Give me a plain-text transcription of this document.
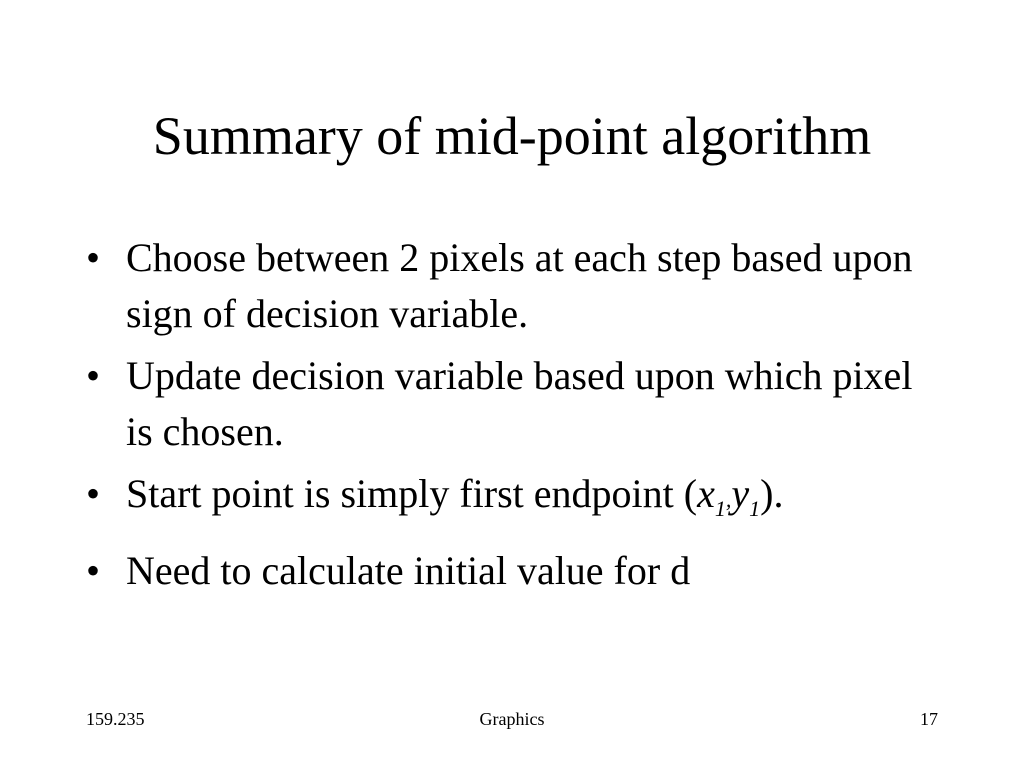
Summary of mid-point algorithm
• Choose between 2 pixels at each step based upon sign of decision variable.
• Update decision variable based upon which pixel is chosen.
• Start point is simply first endpoint $(x_1,y_1)$.
• Need to calculate initial value for d
159.235	Graphics	17
